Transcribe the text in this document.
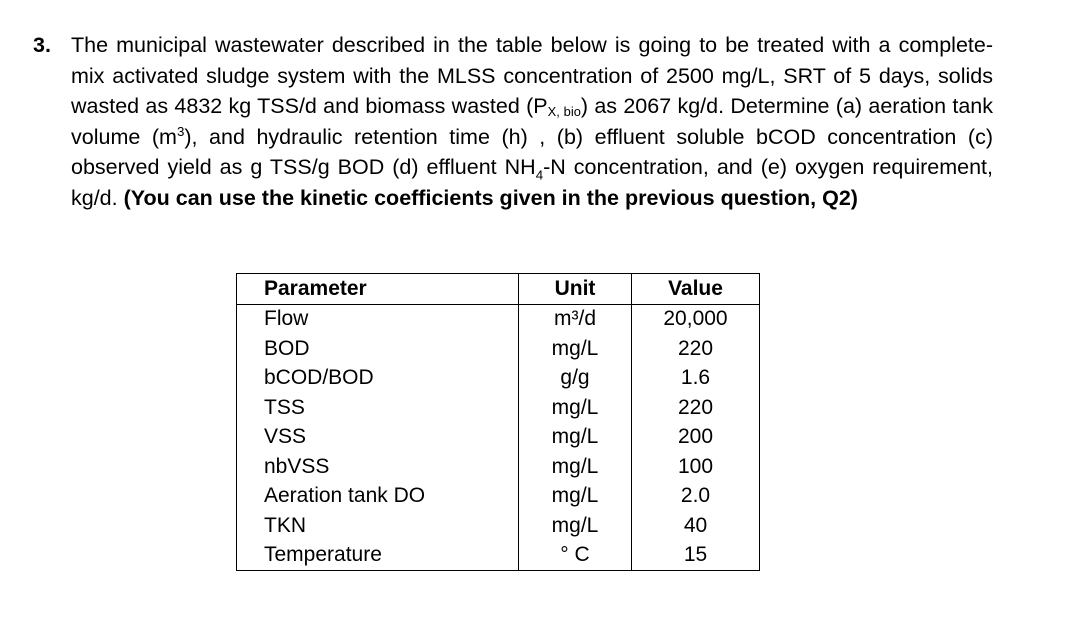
3. The municipal wastewater described in the table below is going to be treated with a complete-mix activated sludge system with the MLSS concentration of 2500 mg/L, SRT of 5 days, solids wasted as 4832 kg TSS/d and biomass wasted $(P_{X, bio})$ as 2067 kg/d. Determine (a) aeration tank volume $(m^3)$, and hydraulic retention time (h) , (b) effluent soluble bCOD concentration (c) observed yield as g TSS/g BOD (d) effluent $NH_4-N$ concentration, and (e) oxygen requirement, kg/d. (You can use the kinetic coefficients given in the previous question, Q2)
Parameter	Unit	Value
Flow	m³/d	20,000
BOD	mg/L	220
bCOD/BOD	g/g	1.6
TSS	mg/L	220
VSS	mg/L	200
nbVSS	mg/L	100
Aeration tank DO	mg/L	2.0
TKN	mg/L	40
Temperature	° C	15
